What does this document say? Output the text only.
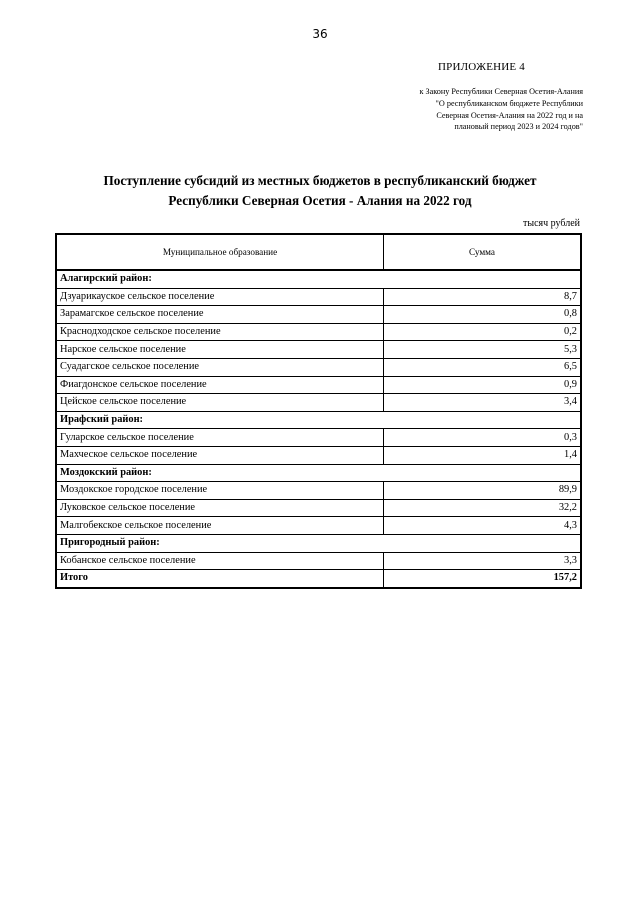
36
ПРИЛОЖЕНИЕ 4
к Закону Республики Северная Осетия-Алания
"О республиканском бюджете Республики
Северная Осетия-Алания на 2022 год и на
плановый период 2023 и 2024 годов"
Поступление субсидий из местных бюджетов в республиканский бюджет
Республики Северная Осетия - Алания на 2022 год
тысяч рублей
Муниципальное образование	Сумма
Алагирский район:	
Дзуарикауское сельское поселение	8,7
Зарамагское сельское поселение	0,8
Краснодходское сельское поселение	0,2
Нарское сельское поселение	5,3
Суадагское сельское поселение	6,5
Фиагдонское сельское поселение	0,9
Цейское сельское поселение	3,4
Ирафский район:	
Гуларское сельское поселение	0,3
Махческое сельское поселение	1,4
Моздокский район:	
Моздокское городское поселение	89,9
Луковское сельское поселение	32,2
Малгобекское сельское поселение	4,3
Пригородный район:	
Кобанское сельское поселение	3,3
Итого	157,2
